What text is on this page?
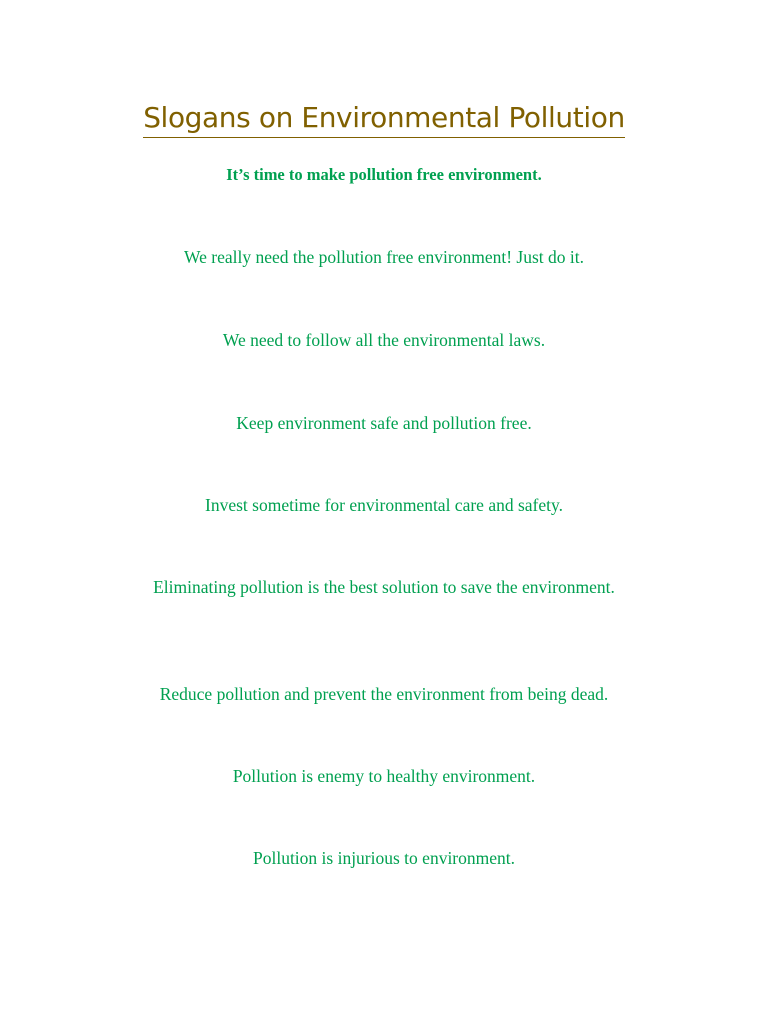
Slogans on Environmental Pollution

It’s time to make pollution free environment.

We really need the pollution free environment! Just do it.

We need to follow all the environmental laws.

Keep environment safe and pollution free.

Invest sometime for environmental care and safety.

Eliminating pollution is the best solution to save the environment.

Reduce pollution and prevent the environment from being dead.

Pollution is enemy to healthy environment.

Pollution is injurious to environment.
